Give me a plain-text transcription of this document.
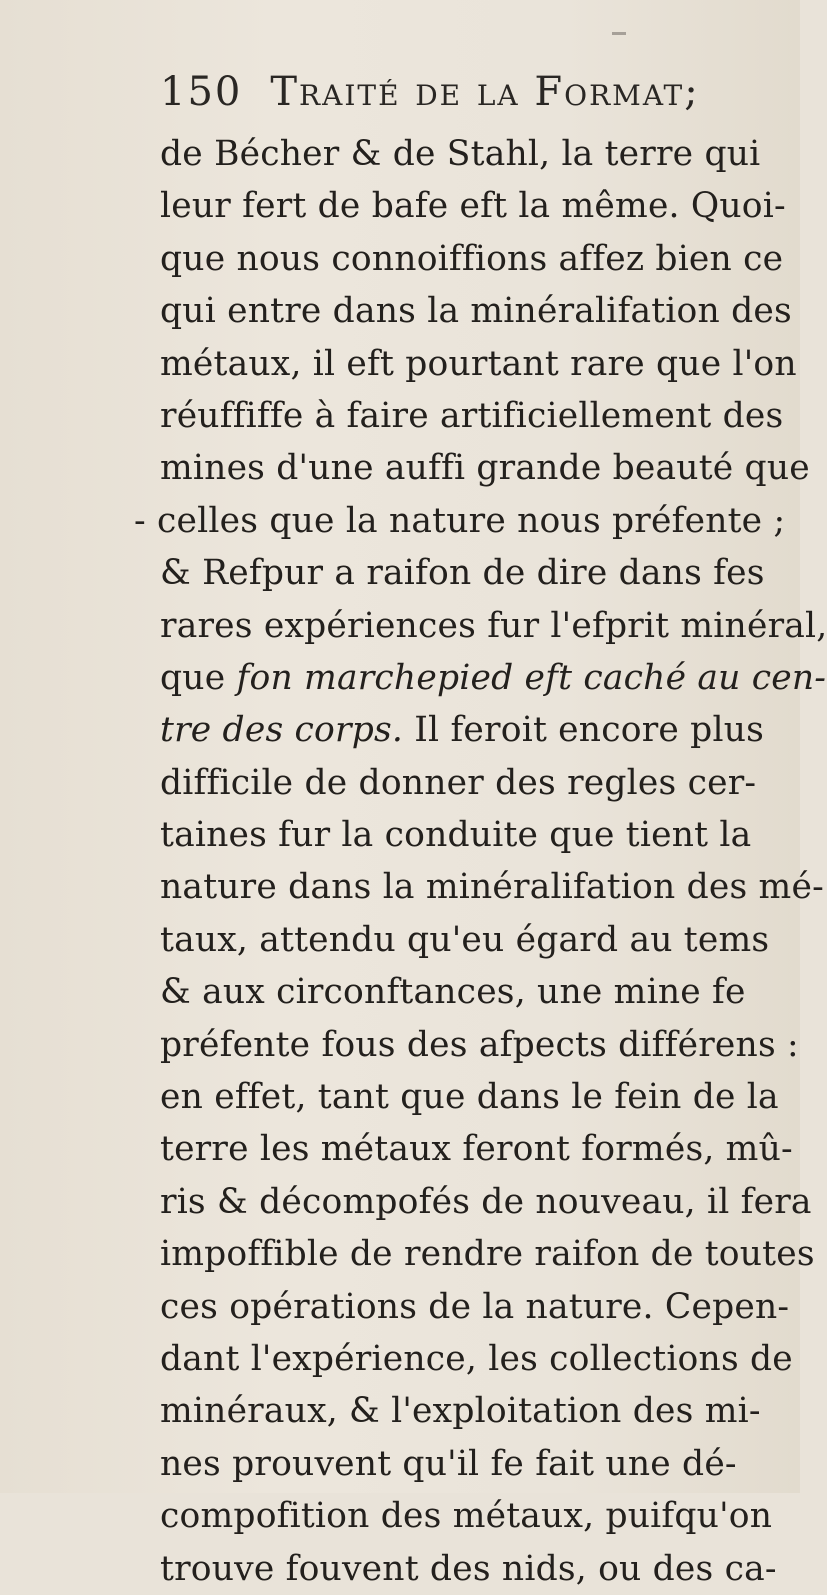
150 Traité de la Format;
de Bécher & de Stahl, la terre qui
leur fert de bafe eft la même. Quoi-
que nous connoiffions affez bien ce
qui entre dans la minéralifation des
métaux, il eft pourtant rare que l'on
réuffiffe à faire artificiellement des
mines d'une auffi grande beauté que
- celles que la nature nous préfente ;
& Refpur a raifon de dire dans fes
rares expériences fur l'efprit minéral,
que fon marchepied eft caché au cen-
tre des corps. Il feroit encore plus
difficile de donner des regles cer-
taines fur la conduite que tient la
nature dans la minéralifation des mé-
taux, attendu qu'eu égard au tems
& aux circonftances, une mine fe
préfente fous des afpects différens :
en effet, tant que dans le fein de la
terre les métaux feront formés, mû-
ris & décompofés de nouveau, il fera
impoffible de rendre raifon de toutes
ces opérations de la nature. Cepen-
dant l'expérience, les collections de
minéraux, & l'exploitation des mi-
nes prouvent qu'il fe fait une dé-
compofition des métaux, puifqu'on
trouve fouvent des nids, ou des ca-
